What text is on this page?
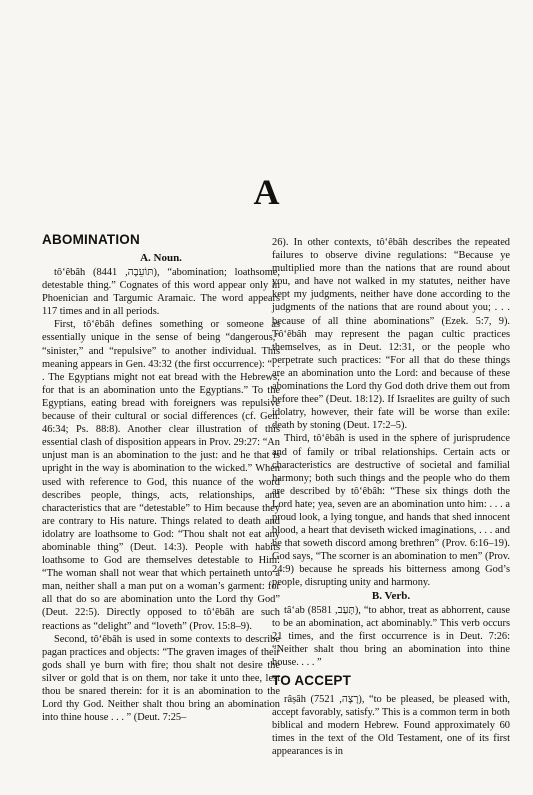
A
ABOMINATION
A. Noun.

tô‘êbâh (תּוֹעֵבָה, 8441), “abomination; loathsome, detestable thing.” Cognates of this word appear only in Phoenician and Targumic Aramaic. The word appears 117 times and in all periods.

First, tô‘êbâh defines something or someone as essentially unique in the sense of being “dangerous,” “sinister,” and “repulsive” to another individual. This meaning appears in Gen. 43:32 (the first occurrence): “. . . The Egyptians might not eat bread with the Hebrews; for that is an abomination unto the Egyptians.” To the Egyptians, eating bread with foreigners was repulsive because of their cultural or social differences (cf. Gen. 46:34; Ps. 88:8). Another clear illustration of this essential clash of disposition appears in Prov. 29:27: “An unjust man is an abomination to the just: and he that is upright in the way is abomination to the wicked.” When used with reference to God, this nuance of the word describes people, things, acts, relationships, and characteristics that are “detestable” to Him because they are contrary to His nature. Things related to death and idolatry are loathsome to God: “Thou shalt not eat any abominable thing” (Deut. 14:3). People with habits loathsome to God are themselves detestable to Him: “The woman shall not wear that which pertaineth unto a man, neither shall a man put on a woman’s garment: for all that do so are abomination unto the Lord thy God” (Deut. 22:5). Directly opposed to tô‘êbâh are such reactions as “delight” and “loveth” (Prov. 15:8–9).

Second, tô‘êbâh is used in some contexts to describe pagan practices and objects: “The graven images of their gods shall ye burn with fire; thou shalt not desire the silver or gold that is on them, nor take it unto thee, lest thou be snared therein: for it is an abomination to the Lord thy God. Neither shalt thou bring an abomination into thine house . . . ” (Deut. 7:25–

26). In other contexts, tô‘êbâh describes the repeated failures to observe divine regulations: “Because ye multiplied more than the nations that are round about you, and have not walked in my statutes, neither have kept my judgments, neither have done according to the judgments of the nations that are round about you; . . . because of all thine abominations” (Ezek. 5:7, 9). Tô‘êbâh may represent the pagan cultic practices themselves, as in Deut. 12:31, or the people who perpetrate such practices: “For all that do these things are an abomination unto the Lord: and because of these abominations the Lord thy God doth drive them out from before thee” (Deut. 18:12). If Israelites are guilty of such idolatry, however, their fate will be worse than exile: death by stoning (Deut. 17:2–5).

Third, tô‘êbâh is used in the sphere of jurisprudence and of family or tribal relationships. Certain acts or characteristics are destructive of societal and familial harmony; both such things and the people who do them are described by tô‘êbâh: “These six things doth the Lord hate; yea, seven are an abomination unto him: . . . a proud look, a lying tongue, and hands that shed innocent blood, a heart that deviseth wicked imaginations, . . . and he that soweth discord among brethren” (Prov. 6:16–19). God says, “The scorner is an abomination to men” (Prov. 24:9) because he spreads his bitterness among God’s people, disrupting unity and harmony.

B. Verb.

tâ‘ab (תָּעַב, 8581), “to abhor, treat as abhorrent, cause to be an abomination, act abominably.” This verb occurs 21 times, and the first occurrence is in Deut. 7:26: “Neither shalt thou bring an abomination into thine house. . . . ”

TO ACCEPT

râṣâh (רָצָה, 7521), “to be pleased, be pleased with, accept favorably, satisfy.” This is a common term in both biblical and modern Hebrew. Found approximately 60 times in the text of the Old Testament, one of its first appearances is in
